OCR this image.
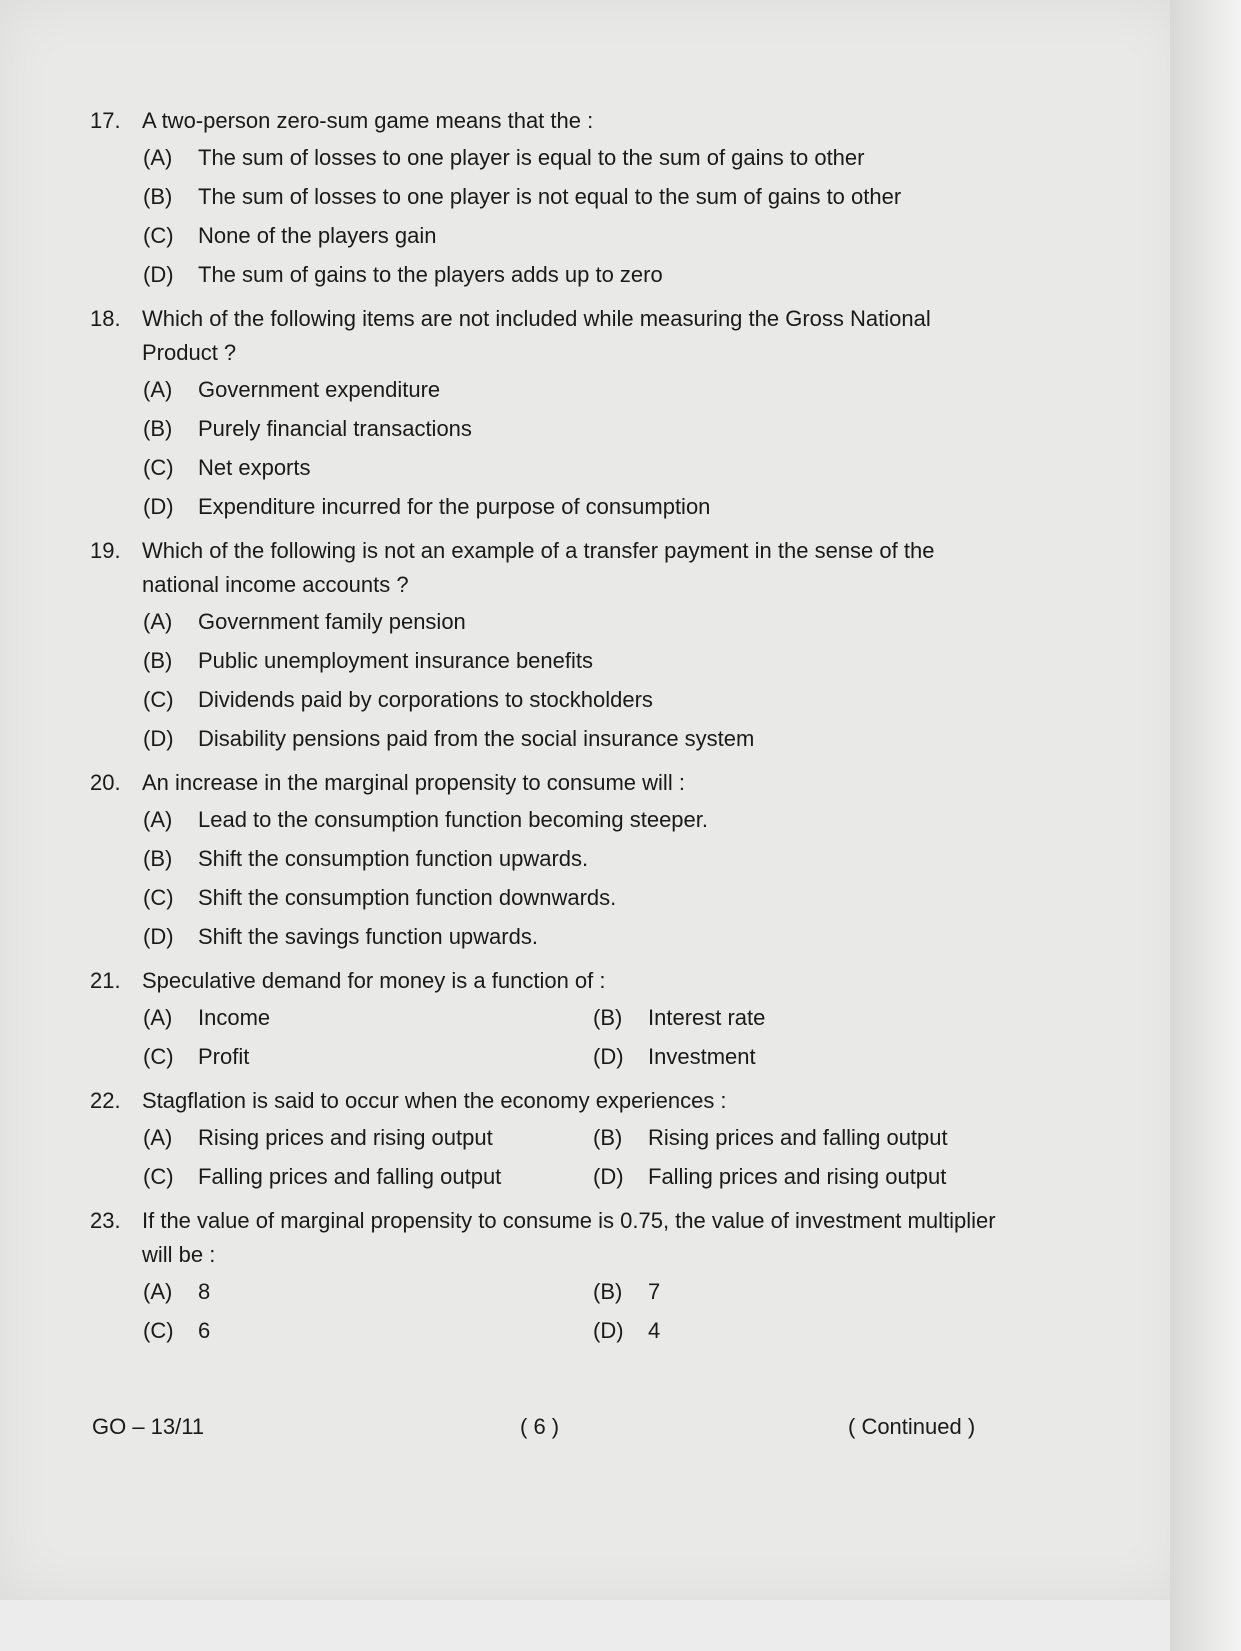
17. A two-person zero-sum game means that the :
(A)	The sum of losses to one player is equal to the sum of gains to other
(B)	The sum of losses to one player is not equal to the sum of gains to other
(C)	None of the players gain
(D)	The sum of gains to the players adds up to zero
18. Which of the following items are not included while measuring the Gross National Product ?
(A)	Government expenditure
(B)	Purely financial transactions
(C)	Net exports
(D)	Expenditure incurred for the purpose of consumption
19. Which of the following is not an example of a transfer payment in the sense of the national income accounts ?
(A)	Government family pension
(B)	Public unemployment insurance benefits
(C)	Dividends paid by corporations to stockholders
(D)	Disability pensions paid from the social insurance system
20. An increase in the marginal propensity to consume will :
(A)	Lead to the consumption function becoming steeper.
(B)	Shift the consumption function upwards.
(C)	Shift the consumption function downwards.
(D)	Shift the savings function upwards.
21. Speculative demand for money is a function of :
(A)	Income	(B)	Interest rate
(C)	Profit	(D)	Investment
22. Stagflation is said to occur when the economy experiences :
(A)	Rising prices and rising output	(B)	Rising prices and falling output
(C)	Falling prices and falling output	(D)	Falling prices and rising output
23. If the value of marginal propensity to consume is 0.75, the value of investment multiplier will be :
(A)	8	(B)	7
(C)	6	(D)	4
GO – 13/11	( 6 )	( Continued )
